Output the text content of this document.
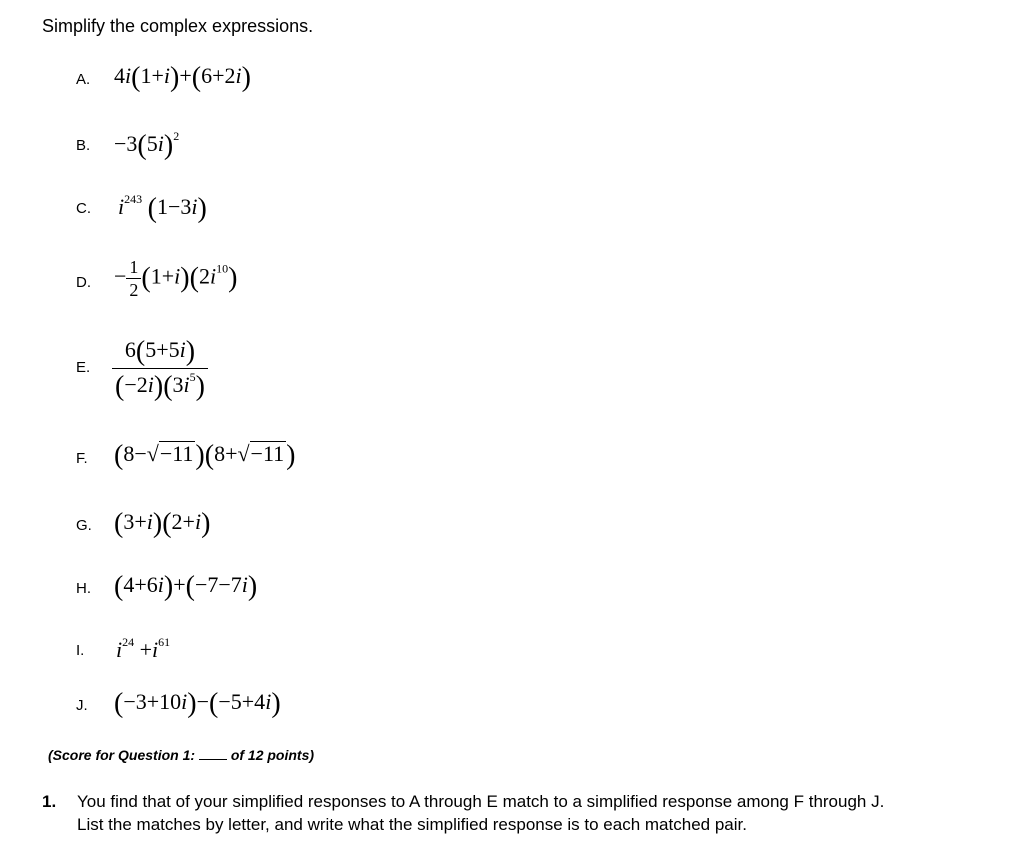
Simplify the complex expressions.
A. 4i(1+i)+(6+2i)
B. $-3(5i)^2$
C. $i^{243}$ (1−3i)
D. − $\frac{1}{2} (1+i)(2i^{10})$
E. $\frac{6(5+5i)}{(-2i)(3i^5)}$
F. (8−√−11)(8+√−11)
G. (3+i)(2+i)
H. (4+6i)+(−7−7i)
I. $i^{24} +i^{61}$
J. (−3+10i)−(−5+4i)
(Score for Question 1:	of 12 points)
1. You find that of your simplified responses to A through E match to a simplified response among F through J.
List the matches by letter, and write what the simplified response is to each matched pair.
